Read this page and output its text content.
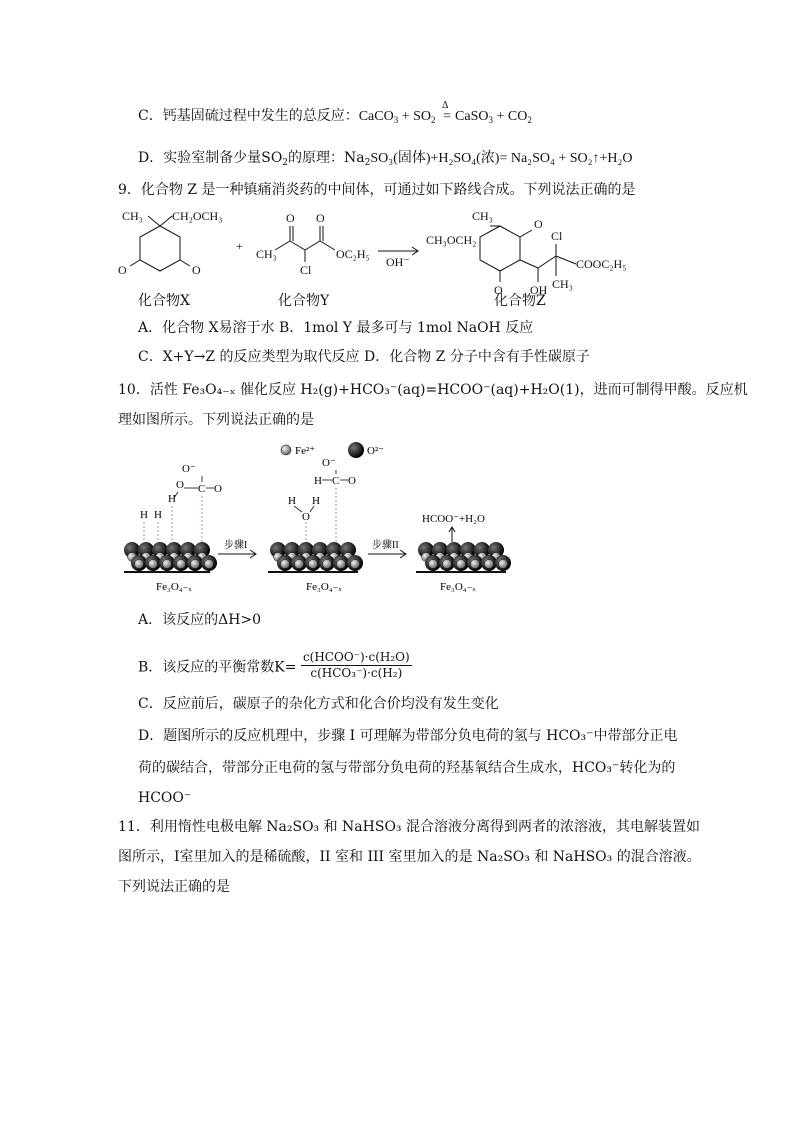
C．钙基固硫过程中发生的总反应：CaCO$_3$ + $SO_2$
Δ
= CaSO$_3$ + $CO_2$
D．实验室制备少量$SO_2$的原理：$Na_2SO_3$(固体)+H₂SO₄(浓)= Na₂SO₄ + SO₂↑+H₂O
9．化合物 Z 是一种镇痛消炎药的中间体，可通过如下路线合成。下列说法正确的是
CH₃ CH₂OCH₃
O	O
+
O O
CH₃
Cl
OC₂H₅
OH⁻
CH₃
CH₃OCH₂
O
Cl
COOC₂H₅
O OH CH₃
化合物X	化合物Y	化合物Z
A．化合物 X易溶于水 B．1mol Y 最多可与 1mol NaOH 反应
C．X+Y→Z 的反应类型为取代反应 D．化合物 Z 分子中含有手性碳原子
10．活性 Fe₃O₄₋ₓ 催化反应 H₂(g)+HCO₃⁻(aq)=HCOO⁻(aq)+H₂O(1)，进而可制得甲酸。反应机
理如图所示。下列说法正确的是
Fe²⁺	O²⁻
Fe₃O₄₋ₓ
H H
H
O
O⁻
C O
步骤I
Fe₃O₄₋ₓ
H
O
H
O⁻
H C O
步骤II
Fe₃O₄₋ₓ
HCOO⁻+H₂O
A．该反应的ΔH>0
B．该反应的平衡常数K=
c(HCOO⁻)·c(H₂O)
c(HCO₃⁻)·c(H₂)
C．反应前后，碳原子的杂化方式和化合价均没有发生变化
D．题图所示的反应机理中，步骤 I 可理解为带部分负电荷的氢与 HCO₃⁻中带部分正电
荷的碳结合，带部分正电荷的氢与带部分负电荷的羟基氧结合生成水，HCO₃⁻转化为的
HCOO⁻
11．利用惰性电极电解 Na₂SO₃ 和 NaHSO₃ 混合溶液分离得到两者的浓溶液，其电解装置如
图所示，I室里加入的是稀硫酸，II 室和 III 室里加入的是 Na₂SO₃ 和 NaHSO₃ 的混合溶液。
下列说法正确的是
